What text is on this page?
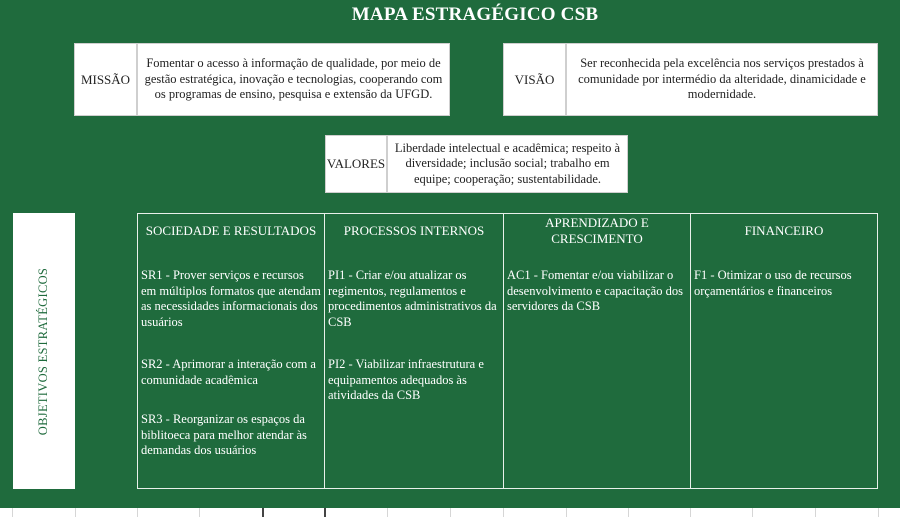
MAPA ESTRAGÉGICO CSB
MISSÃO
Fomentar o acesso à informação de qualidade, por meio de gestão estratégica, inovação e tecnologias, cooperando com os programas de ensino, pesquisa e extensão da UFGD.
VISÃO
Ser reconhecida pela excelência nos serviços prestados à comunidade por intermédio da alteridade, dinamicidade e modernidade.
VALORES
Liberdade intelectual e acadêmica; respeito à diversidade; inclusão social; trabalho em equipe; cooperação; sustentabilidade.
OBJETIVOS ESTRATÉGICOS
SOCIEDADE E RESULTADOS
SR1 - Prover serviços e recursos em múltiplos formatos que atendam as necessidades informacionais dos usuários
SR2 - Aprimorar a interação com a comunidade acadêmica
SR3 - Reorganizar os espaços da biblitoeca para melhor atendar às demandas dos usuários
PROCESSOS INTERNOS
PI1 - Criar e/ou atualizar os regimentos, regulamentos e procedimentos administrativos da CSB
PI2 - Viabilizar infraestrutura e equipamentos adequados às atividades da CSB
APRENDIZADO E CRESCIMENTO
AC1 - Fomentar e/ou viabilizar o desenvolvimento e capacitação dos servidores da CSB
FINANCEIRO
F1 - Otimizar o uso de recursos orçamentários e financeiros
